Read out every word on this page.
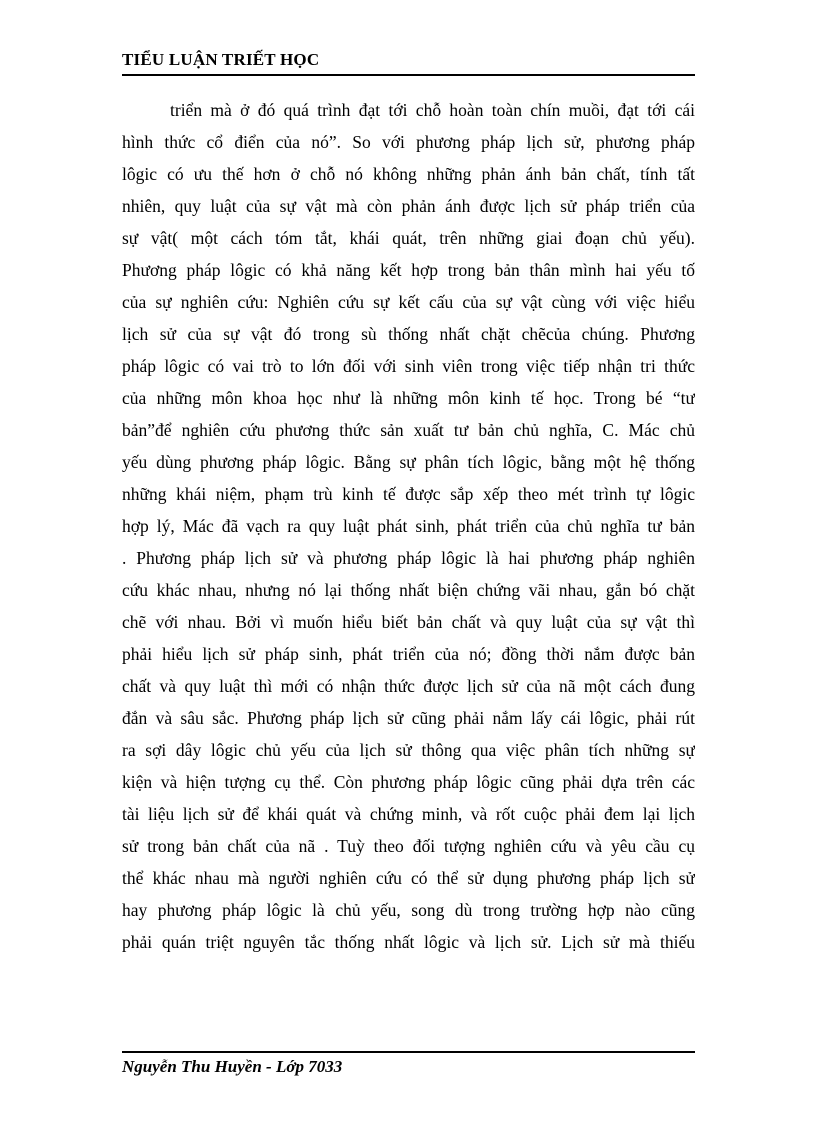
TIỂU LUẬN TRIẾT HỌC
triển mà ở đó quá trình đạt tới chỗ hoàn toàn chín muồi, đạt tới cái
hình thức cổ điển của nó”. So với phương pháp lịch sử, phương pháp
lôgic có ưu thế hơn ở chỗ nó không những phản ánh bản chất, tính tất
nhiên, quy luật của sự vật mà còn phản ánh được lịch sử pháp triển của
sự vật( một cách tóm tắt, khái quát, trên những giai đoạn chủ yếu).
Phương pháp lôgic có khả năng kết hợp trong bản thân mình hai yếu tố
của sự nghiên cứu: Nghiên cứu sự kết cấu của sự vật cùng với việc hiểu
lịch sử của sự vật đó trong sù thống nhất chặt chẽcủa chúng. Phương
pháp lôgic có vai trò to lớn đối với sinh viên trong việc tiếp nhận tri thức
của những môn khoa học như là những môn kinh tế học. Trong bé “tư
bản”để nghiên cứu phương thức sản xuất tư bản chủ nghĩa, C. Mác chủ
yếu dùng phương pháp lôgic. Bằng sự phân tích lôgic, bằng một hệ thống
những khái niệm, phạm trù kinh tế được sắp xếp theo mét trình tự lôgic
hợp lý, Mác đã vạch ra quy luật phát sinh, phát triển của chủ nghĩa tư bản
. Phương pháp lịch sử và phương pháp lôgic là hai phương pháp nghiên
cứu khác nhau, nhưng nó lại thống nhất biện chứng vãi nhau, gắn bó chặt
chẽ với nhau. Bởi vì muốn hiểu biết bản chất và quy luật của sự vật thì
phải hiểu lịch sử pháp sinh, phát triển của nó; đồng thời nắm được bản
chất và quy luật thì mới có nhận thức được lịch sử của nã một cách đung
đắn và sâu sắc. Phương pháp lịch sử cũng phải nắm lấy cái lôgic, phải rút
ra sợi dây lôgic chủ yếu của lịch sử thông qua việc phân tích những sự
kiện và hiện tượng cụ thể. Còn phương pháp lôgic cũng phải dựa trên các
tài liệu lịch sử để khái quát và chứng minh, và rốt cuộc phải đem lại lịch
sử trong bản chất của nã . Tuỳ theo đối tượng nghiên cứu và yêu cầu cụ
thể khác nhau mà người nghiên cứu có thể sử dụng phương pháp lịch sử
hay phương pháp lôgic là chủ yếu, song dù trong trường hợp nào cũng
phải quán triệt nguyên tắc thống nhất lôgic và lịch sử. Lịch sử mà thiếu
Nguyễn Thu Huyền - Lớp 7033
